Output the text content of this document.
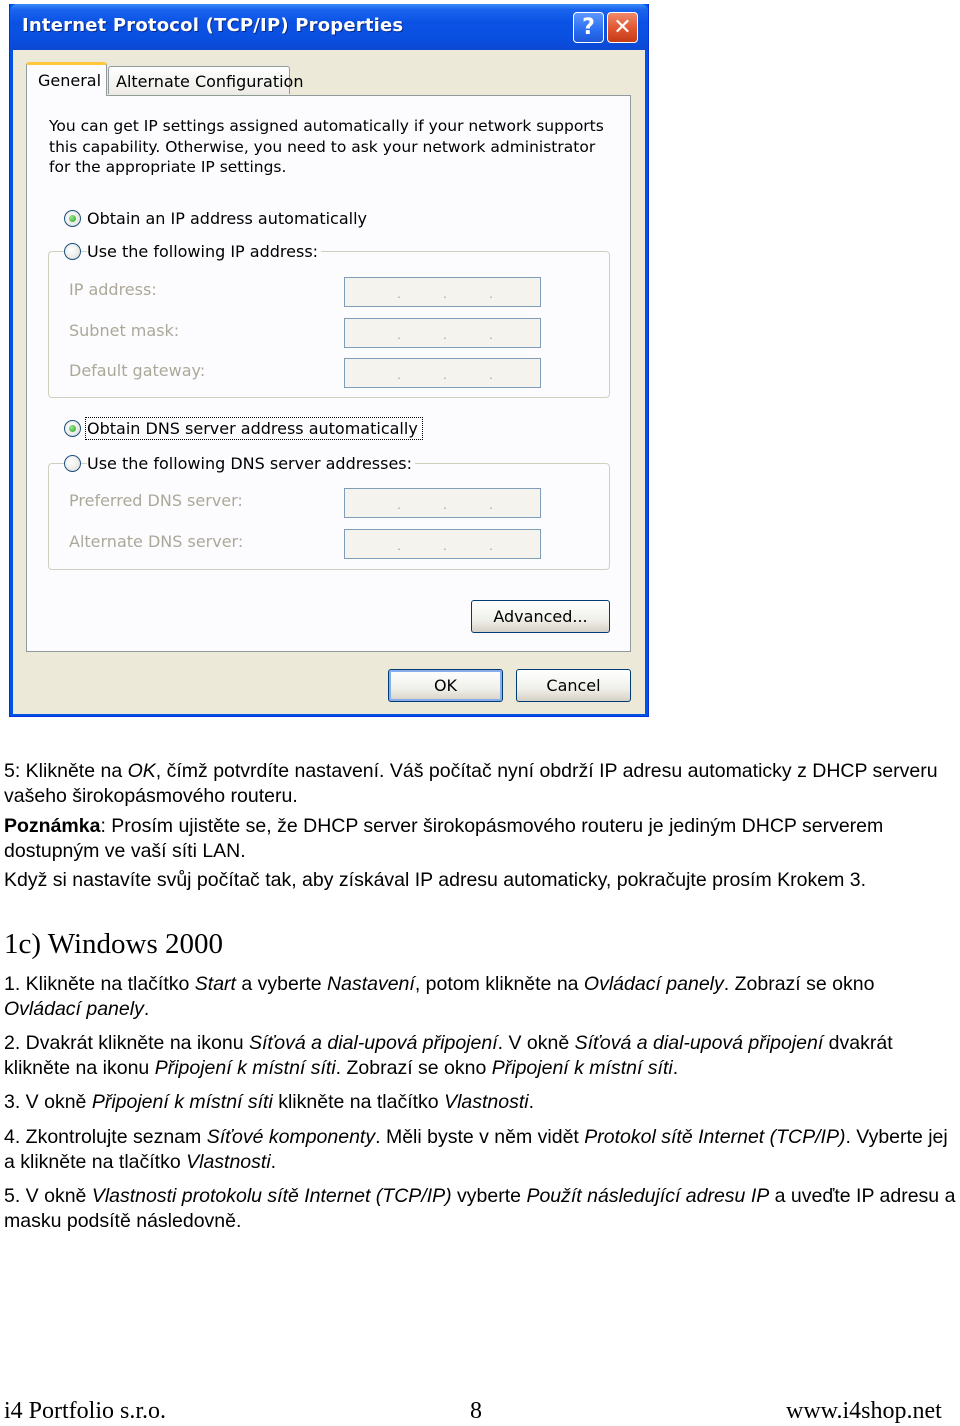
Internet Protocol (TCP/IP) Properties	? ✕
General Alternate Configuration
You can get IP settings assigned automatically if your network supports this capability. Otherwise, you need to ask your network administrator for the appropriate IP settings.
Obtain an IP address automatically
Use the following IP address:
IP address:	.	.	.
Subnet mask:	.	.	.
Default gateway:	.	.	.
Obtain DNS server address automatically
Use the following DNS server addresses:
Preferred DNS server:	.	.	.
Alternate DNS server:	.	.	.
Advanced...
OK	Cancel

5: Klikněte na OK, čímž potvrdíte nastavení. Váš počítač nyní obdrží IP adresu automaticky z DHCP serveru vašeho širokopásmového routeru.

Poznámka: Prosím ujistěte se, že DHCP server širokopásmového routeru je jediným DHCP serverem dostupným ve vaší síti LAN.

Když si nastavíte svůj počítač tak, aby získával IP adresu automaticky, pokračujte prosím Krokem 3.

1c) Windows 2000

1. Klikněte na tlačítko Start a vyberte Nastavení, potom klikněte na Ovládací panely. Zobrazí se okno Ovládací panely.

2. Dvakrát klikněte na ikonu Síťová a dial-upová připojení. V okně Síťová a dial-upová připojení dvakrát klikněte na ikonu Připojení k místní síti. Zobrazí se okno Připojení k místní síti.

3. V okně Připojení k místní síti klikněte na tlačítko Vlastnosti.

4. Zkontrolujte seznam Síťové komponenty. Měli byste v něm vidět Protokol sítě Internet (TCP/IP). Vyberte jej a klikněte na tlačítko Vlastnosti.

5. V okně Vlastnosti protokolu sítě Internet (TCP/IP) vyberte Použít následující adresu IP a uveďte IP adresu a masku podsítě následovně.

i4 Portfolio s.r.o.	8	www.i4shop.net
